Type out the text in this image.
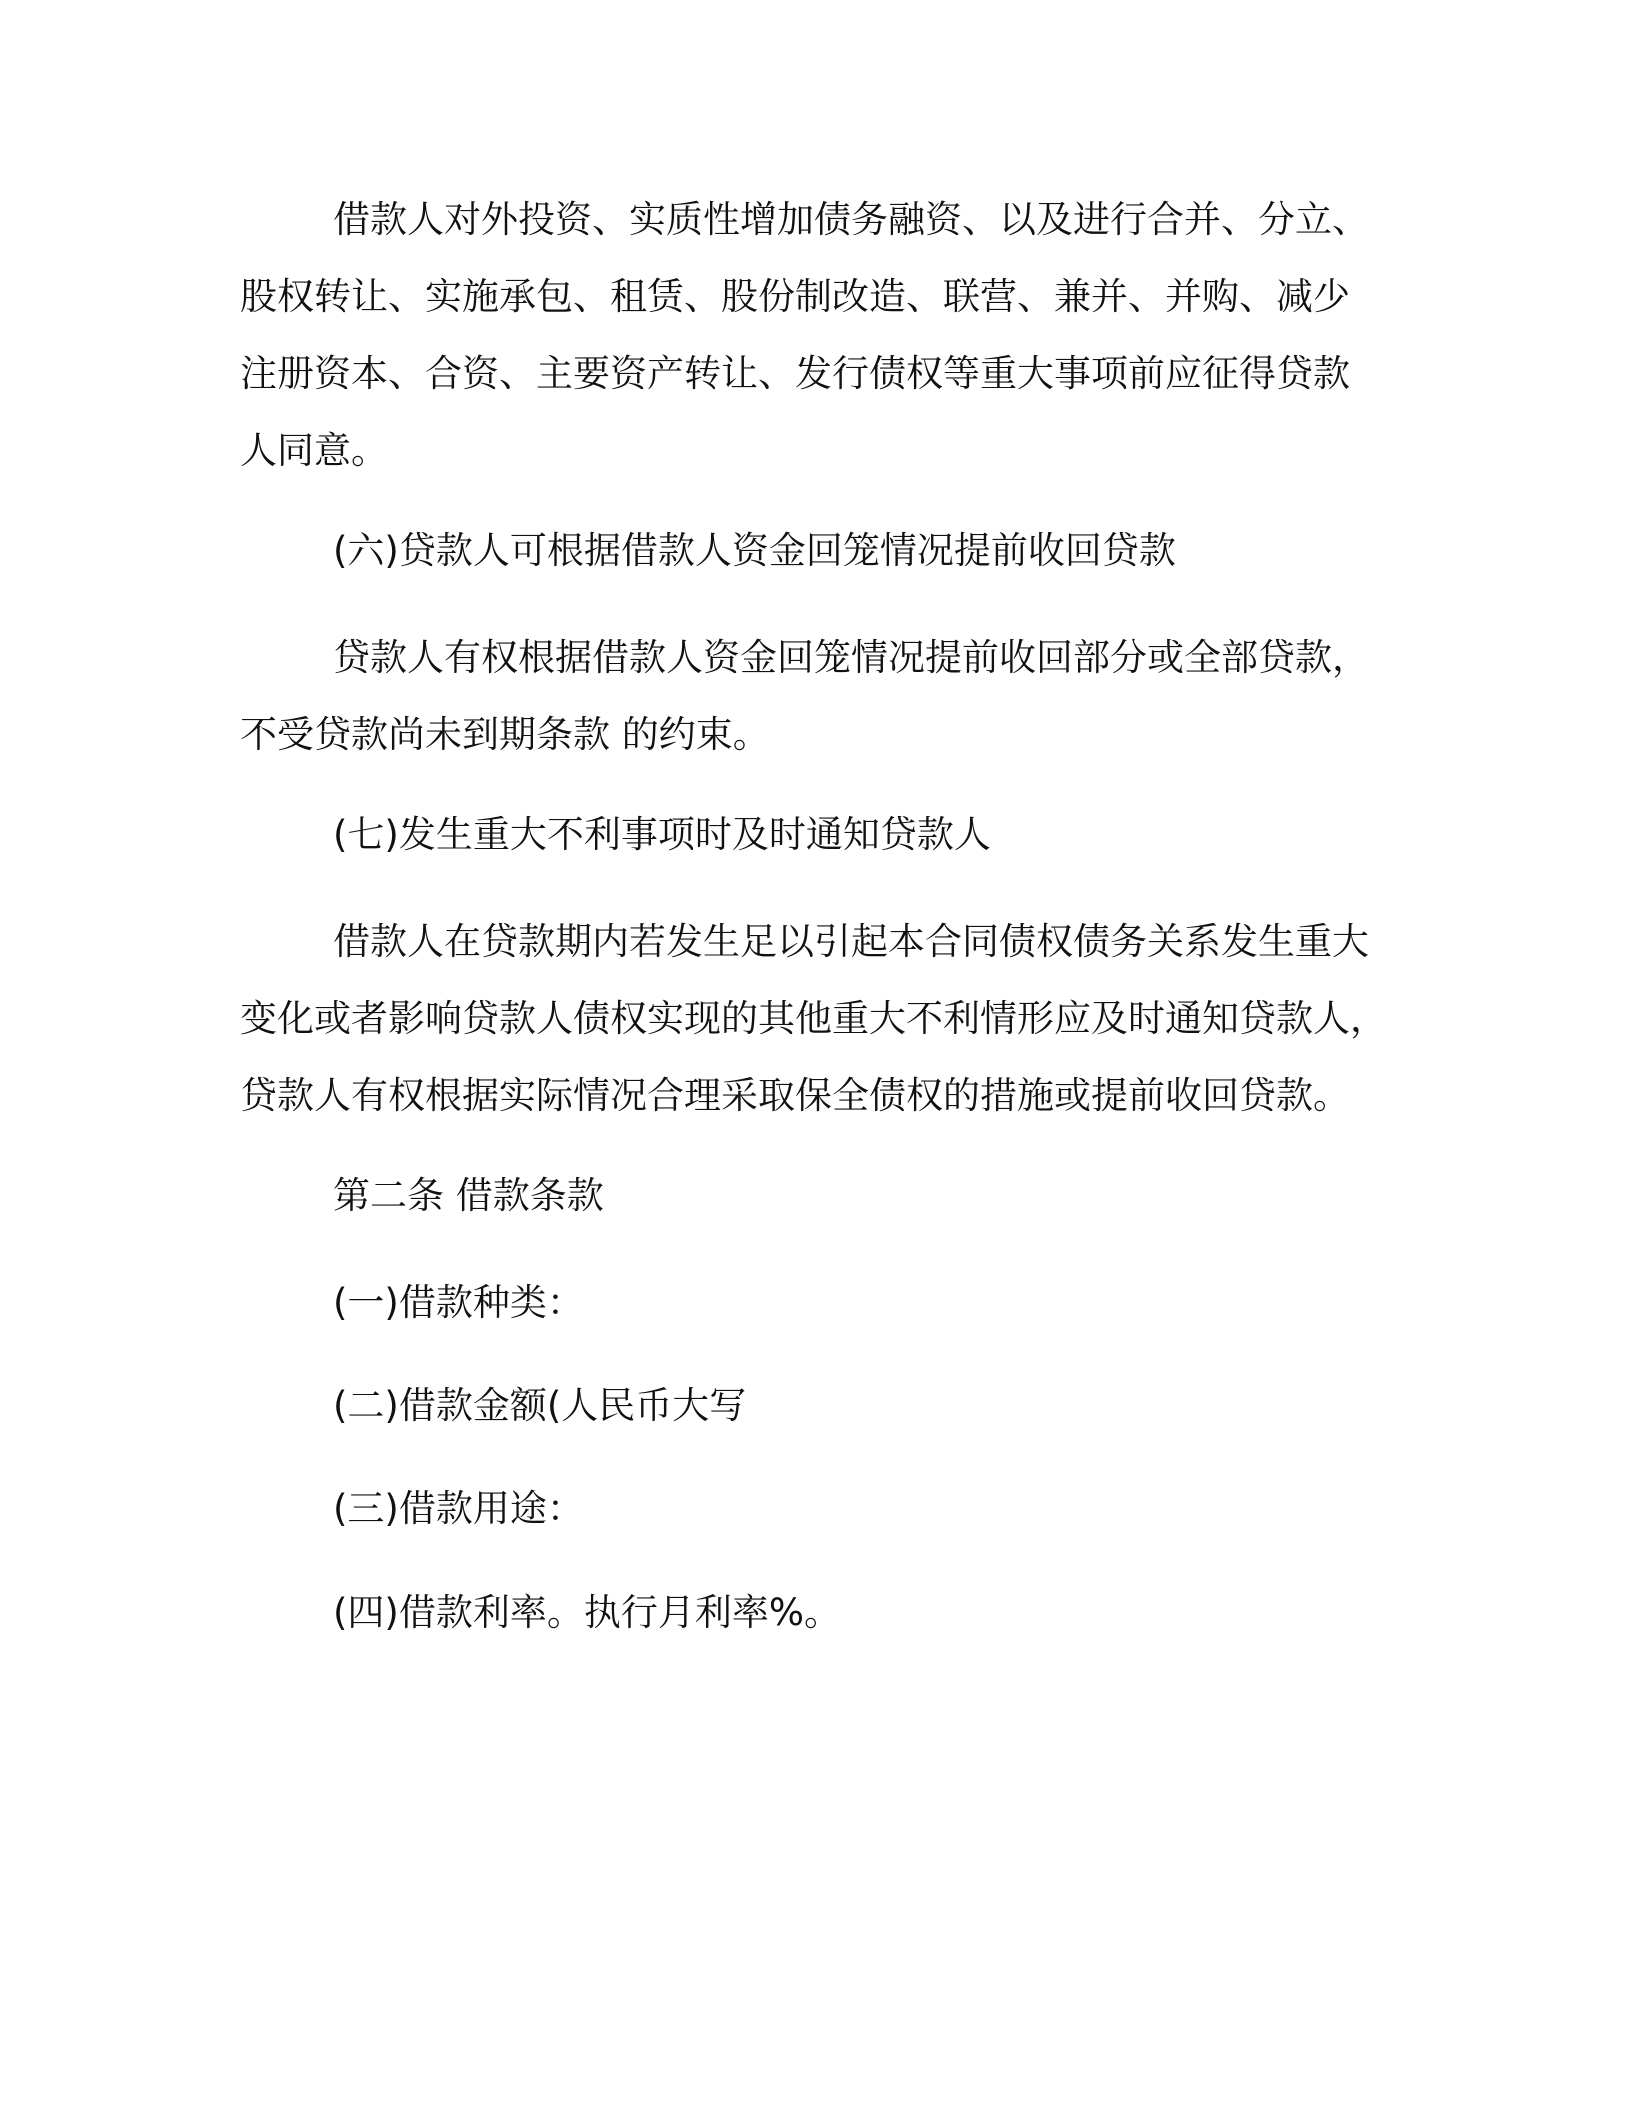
借款人对外投资、实质性增加债务融资、以及进行合并、分立、
股权转让、实施承包、租赁、股份制改造、联营、兼并、并购、减少
注册资本、合资、主要资产转让、发行债权等重大事项前应征得贷款
人同意。
(六)贷款人可根据借款人资金回笼情况提前收回贷款
贷款人有权根据借款人资金回笼情况提前收回部分或全部贷款，
不受贷款尚未到期条款 的约束。
(七)发生重大不利事项时及时通知贷款人
借款人在贷款期内若发生足以引起本合同债权债务关系发生重大
变化或者影响贷款人债权实现的其他重大不利情形应及时通知贷款人，
贷款人有权根据实际情况合理采取保全债权的措施或提前收回贷款。
第二条 借款条款
(一)借款种类：
(二)借款金额(人民币大写
(三)借款用途：
(四)借款利率。执行月利率%。
